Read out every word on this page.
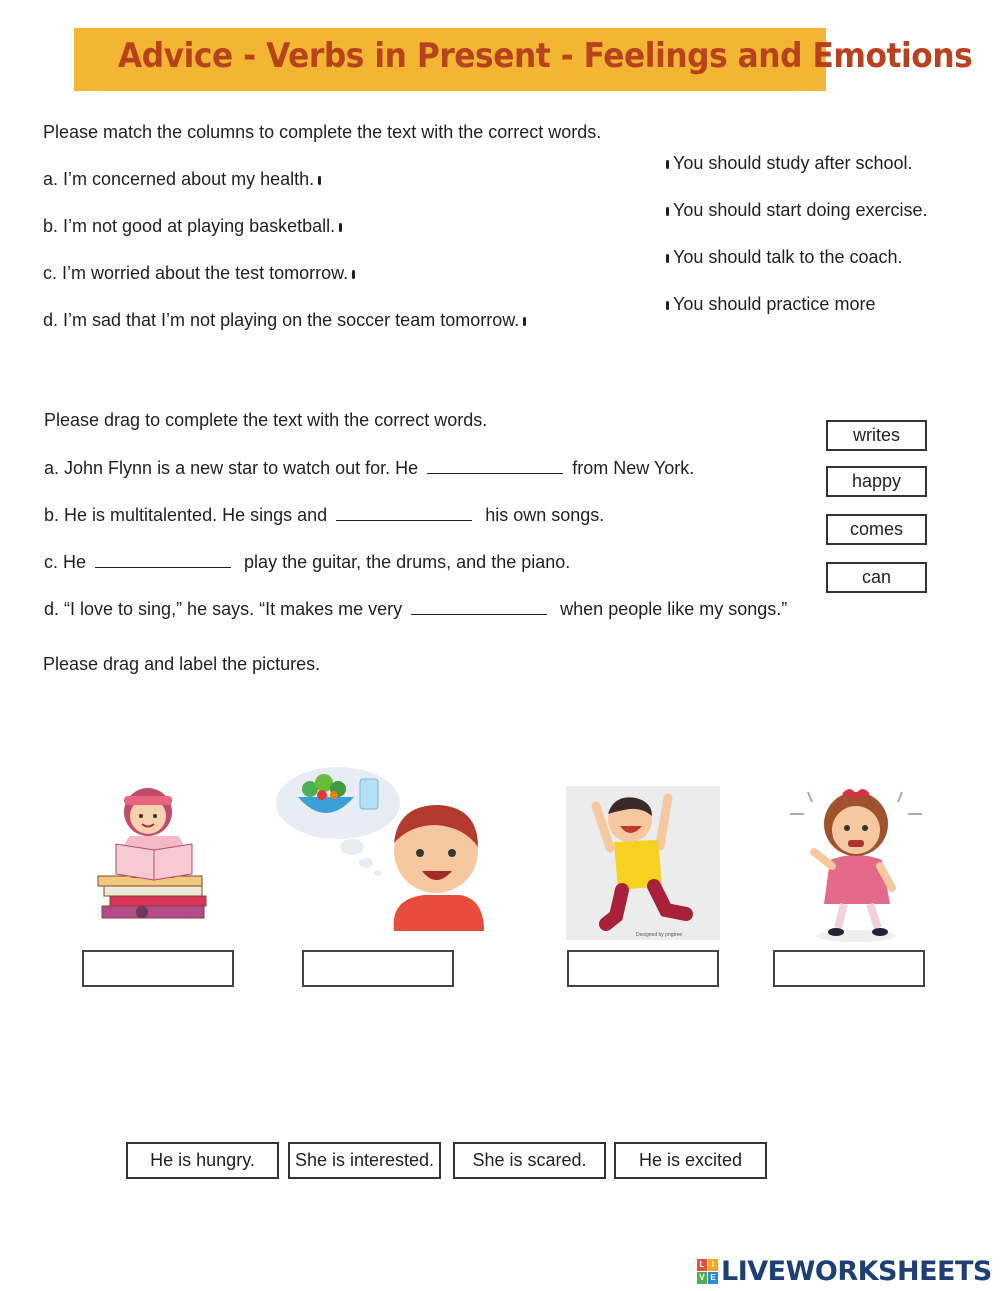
Advice - Verbs in Present - Feelings and Emotions
Please match the columns to complete the text with the correct words.
a. I’m concerned about my health.
b. I’m not good at playing basketball.
c. I’m worried about the test tomorrow.
d. I’m sad that I’m not playing on the soccer team tomorrow.
You should study after school.
You should start doing exercise.
You should talk to the coach.
You should practice more
Please drag to complete the text with the correct words.
a. John Flynn is a new star to watch out for. He	from New York.
b. He is multitalented. He sings and	his own songs.
c. He	play the guitar, the drums, and the piano.
d. “I love to sing,” he says. “It makes me very	when people like my songs.”
writes
happy
comes
can
Please drag and label the pictures.
Designed by pngtree
He is hungry.	She is interested.	She is scared.	He is excited
L I
V E LIVEWORKSHEETS
